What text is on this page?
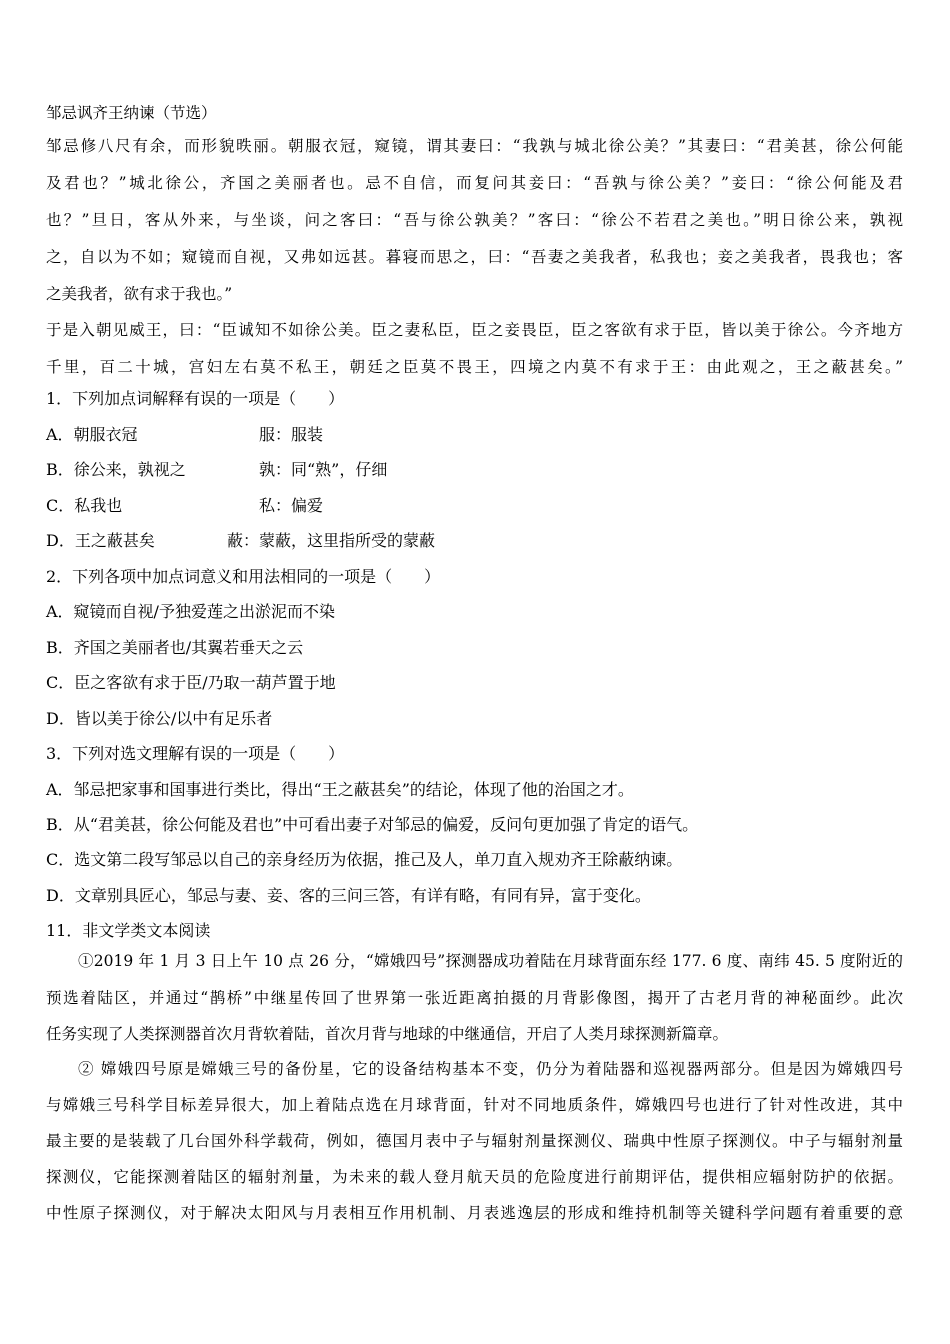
邹忌讽齐王纳谏（节选）
邹忌修八尺有余，而形貌昳丽。朝服衣冠，窥镜，谓其妻曰：“我孰与城北徐公美？”其妻曰：“君美甚，徐公何能
及君也？”城北徐公，齐国之美丽者也。忌不自信，而复问其妾曰：“吾孰与徐公美？”妾曰：“徐公何能及君
也？”旦日，客从外来，与坐谈，问之客曰：“吾与徐公孰美？”客曰：“徐公不若君之美也。”明日徐公来，孰视
之，自以为不如；窥镜而自视，又弗如远甚。暮寝而思之，曰：“吾妻之美我者，私我也；妾之美我者，畏我也；客
之美我者，欲有求于我也。”
于是入朝见威王，曰：“臣诚知不如徐公美。臣之妻私臣，臣之妾畏臣，臣之客欲有求于臣，皆以美于徐公。今齐地方
千里，百二十城，宫妇左右莫不私王，朝廷之臣莫不畏王，四境之内莫不有求于王：由此观之，王之蔽甚矣。”
1．下列加点词解释有误的一项是（　　）
A．朝服衣冠	服：服装
B．徐公来，孰视之	孰：同“熟”，仔细
C．私我也	私：偏爱
D．王之蔽甚矣	蔽：蒙蔽，这里指所受的蒙蔽
2．下列各项中加点词意义和用法相同的一项是（　　）
A．窥镜而自视/予独爱莲之出淤泥而不染
B．齐国之美丽者也/其翼若垂天之云
C．臣之客欲有求于臣/乃取一葫芦置于地
D．皆以美于徐公/以中有足乐者
3．下列对选文理解有误的一项是（　　）
A．邹忌把家事和国事进行类比，得出“王之蔽甚矣”的结论，体现了他的治国之才。
B．从“君美甚，徐公何能及君也”中可看出妻子对邹忌的偏爱，反问句更加强了肯定的语气。
C．选文第二段写邹忌以自己的亲身经历为依据，推己及人，单刀直入规劝齐王除蔽纳谏。
D．文章别具匠心，邹忌与妻、妾、客的三问三答，有详有略，有同有异，富于变化。
11．非文学类文本阅读
①2019 年 1 月 3 日上午 10 点 26 分，“嫦娥四号”探测器成功着陆在月球背面东经 177. 6 度、南纬 45. 5 度附近的
预选着陆区，并通过“鹊桥”中继星传回了世界第一张近距离拍摄的月背影像图，揭开了古老月背的神秘面纱。此次
任务实现了人类探测器首次月背软着陆，首次月背与地球的中继通信，开启了人类月球探测新篇章。
② 嫦娥四号原是嫦娥三号的备份星，它的设备结构基本不变，仍分为着陆器和巡视器两部分。但是因为嫦娥四号
与嫦娥三号科学目标差异很大，加上着陆点选在月球背面，针对不同地质条件，嫦娥四号也进行了针对性改进，其中
最主要的是装载了几台国外科学载荷，例如，德国月表中子与辐射剂量探测仪、瑞典中性原子探测仪。中子与辐射剂量
探测仪，它能探测着陆区的辐射剂量，为未来的载人登月航天员的危险度进行前期评估，提供相应辐射防护的依据。
中性原子探测仪，对于解决太阳风与月表相互作用机制、月表逃逸层的形成和维持机制等关键科学问题有着重要的意
